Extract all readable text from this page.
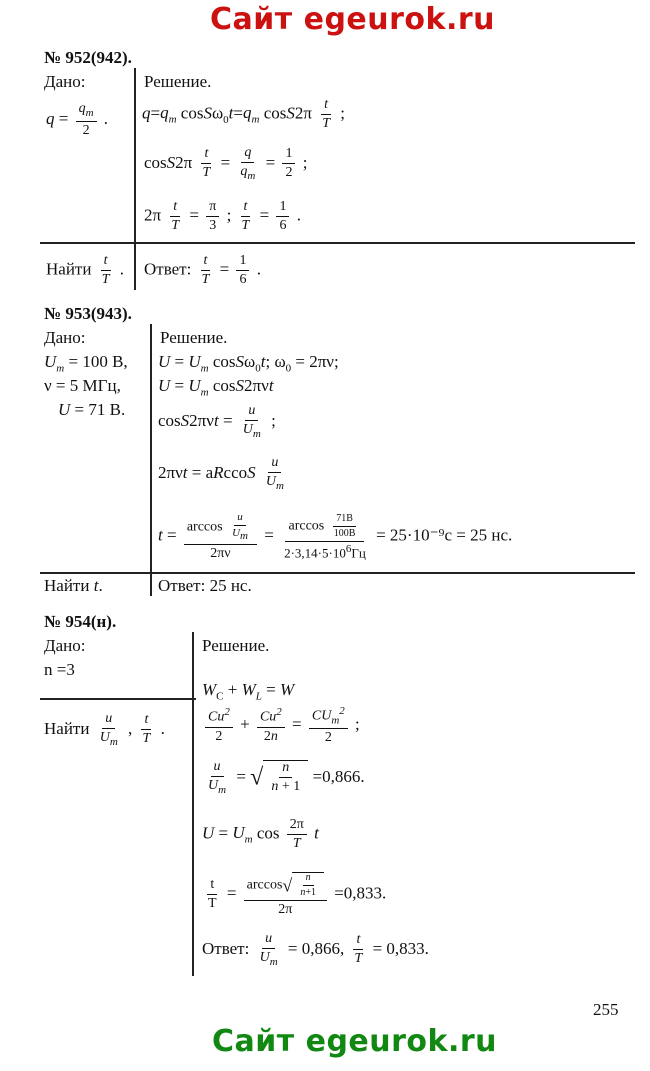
Сайт egeurok.ru
Сайт egeurok.ru
№ 952(942).
Дано:
$q = \frac{q_m}{2}$ .
Решение.
$q=q_m$ $\cos S\omega_0t=q_m$ $\cos S2\pi \frac{t}{T}$ ;
$\cos S2\pi \frac{t}{T} = \frac{q}{q_m} = \frac{1}{2}$ ;
$2\pi \frac{t}{T} = \frac{\pi}{3}$ ; $\frac{t}{T} = \frac{1}{6}$ .
Найти $\frac{t}{T}$ . Ответ: $\frac{t}{T} = \frac{1}{6}$ .
№ 953(943).
Дано:
$U_m = 100$ В,
ν = 5 МГц,
U = 71 В.
Решение.
$U = U_m$ cosSω$_0$t; $\omega_0 = 2\pi\nu$;
$U = U_m$ cosS2πνt
$\cos S2\pi\nu t = \frac{u}{U_m}$ ;
2πνt = aRccoS $\frac{u}{U_m}$
$t = \frac{\arccos \frac{u}{U_m}}{2\pi\nu} = \frac{\arccos \frac{71В}{100В}}{2\cdot 3,14\cdot 5\cdot 10^6Гц} = 25\cdot 10^{-9}c = 25$ нс.
Найти t.	Ответ: 25 нс.
№ 954(н).
Дано:
n =3
Найти $\frac{u}{U_m}$ , $\frac{t}{T}$ .
Решение.
$W_C + W_L = W$
$\frac{Cu^2}{2} + \frac{Cu^2}{2n} = \frac{CU_m^2}{2}$ ;
$\frac{u}{U_m}$ = √ $\frac{n}{n + 1} =0,866$.
$U = U_m$ $\cos \frac{2\pi}{T}$ t
$\frac{t}{T} = \frac{\arccos√ \frac{n}{n+1}}{2\pi} =0,833$.
Ответ: $\frac{u}{U_m} = 0,866$, $\frac{t}{T} = 0,833$.
255
